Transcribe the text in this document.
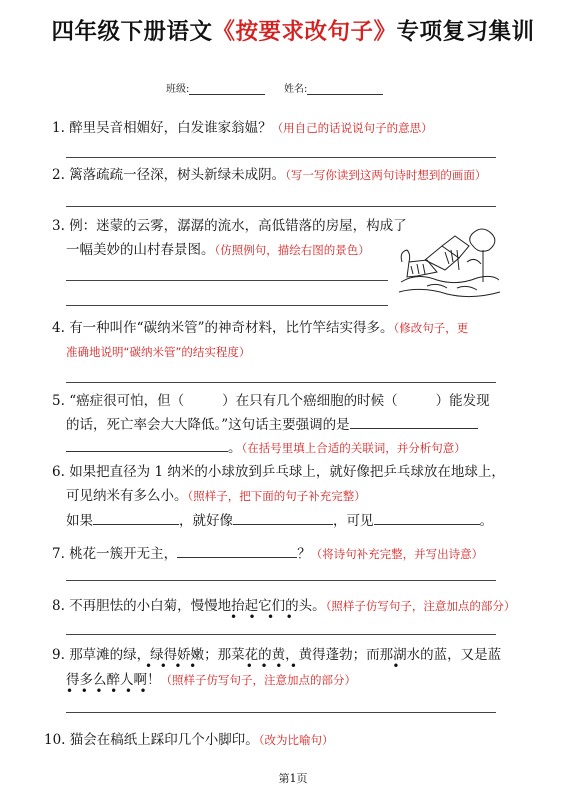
四年级下册语文《按要求改句子》专项复习集训
班级:	姓名:
1. 醉里吴音相媚好，白发谁家翁媪？（用自己的话说说句子的意思）
2. 篱落疏疏一径深，树头新绿未成阴。（写一写你读到这两句诗时想到的画面）
3. 例：迷蒙的云雾，潺潺的流水，高低错落的房屋，构成了
一幅美妙的山村春景图。（仿照例句，描绘右图的景色）
4. 有一种叫作“碳纳米管”的神奇材料，比竹竿结实得多。（修改句子，更
准确地说明“碳纳米管”的结实程度）
5. “癌症很可怕，但（	）在只有几个癌细胞的时候（	）能发现
的话，死亡率会大大降低。”这句话主要强调的是
。（在括号里填上合适的关联词，并分析句意）
6. 如果把直径为 1 纳米的小球放到乒乓球上，就好像把乒乓球放在地球上，
可见纳米有多么小。（照样子，把下面的句子补充完整）
如果	，就好像	，可见	。
7. 桃花一簇开无主，	？（将诗句补充完整，并写出诗意）
8. 不再胆怯的小白菊，慢慢地抬起它们的头。（照样子仿写句子，注意加点的部分）
•   •   •   •
9. 那草滩的绿，绿得娇嫩；那菜花的黄，黄得蓬勃；而那湖水的蓝，又是蓝
•  •  •  •             •  •  •  •                         •
得多么醉人啊！（照样子仿写句子，注意加点的部分）
•  •  •  •  •  •
10. 猫会在稿纸上踩印几个小脚印。（改为比喻句）
第1页
